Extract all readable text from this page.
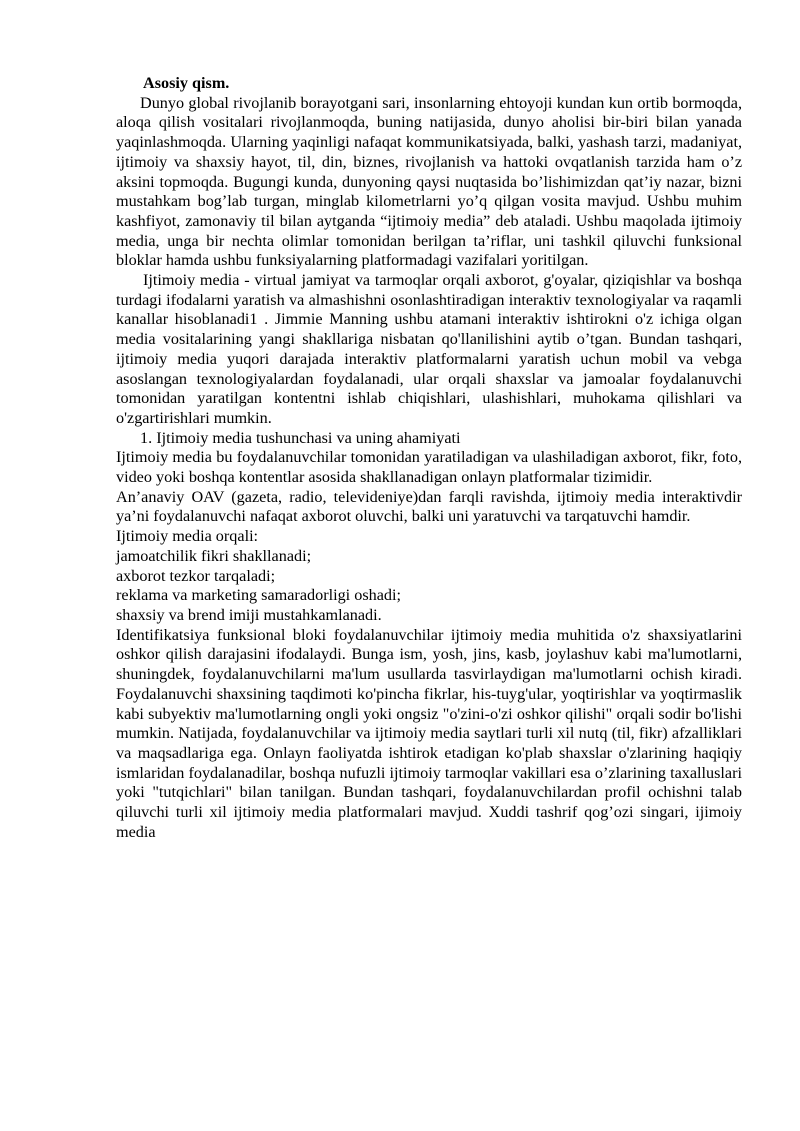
Asosiy qism.

Dunyo global rivojlanib borayotgani sari, insonlarning ehtoyoji kundan kun ortib bormoqda, aloqa qilish vositalari rivojlanmoqda, buning natijasida, dunyo aholisi bir-biri bilan yanada yaqinlashmoqda. Ularning yaqinligi nafaqat kommunikatsiyada, balki, yashash tarzi, madaniyat, ijtimoiy va shaxsiy hayot, til, din, biznes, rivojlanish va hattoki ovqatlanish tarzida ham o’z aksini topmoqda. Bugungi kunda, dunyoning qaysi nuqtasida bo’lishimizdan qat’iy nazar, bizni mustahkam bog’lab turgan, minglab kilometrlarni yo’q qilgan vosita mavjud. Ushbu muhim kashfiyot, zamonaviy til bilan aytganda “ijtimoiy media” deb ataladi. Ushbu maqolada ijtimoiy media, unga bir nechta olimlar tomonidan berilgan ta’riflar, uni tashkil qiluvchi funksional bloklar hamda ushbu funksiyalarning platformadagi vazifalari yoritilgan.

Ijtimoiy media - virtual jamiyat va tarmoqlar orqali axborot, g'oyalar, qiziqishlar va boshqa turdagi ifodalarni yaratish va almashishni osonlashtiradigan interaktiv texnologiyalar va raqamli kanallar hisoblanadi1 . Jimmie Manning ushbu atamani interaktiv ishtirokni o'z ichiga olgan media vositalarining yangi shakllariga nisbatan qo'llanilishini aytib o’tgan. Bundan tashqari, ijtimoiy media yuqori darajada interaktiv platformalarni yaratish uchun mobil va vebga asoslangan texnologiyalardan foydalanadi, ular orqali shaxslar va jamoalar foydalanuvchi tomonidan yaratilgan kontentni ishlab chiqishlari, ulashishlari, muhokama qilishlari va o'zgartirishlari mumkin.

1. Ijtimoiy media tushunchasi va uning ahamiyati

Ijtimoiy media bu foydalanuvchilar tomonidan yaratiladigan va ulashiladigan axborot, fikr, foto, video yoki boshqa kontentlar asosida shakllanadigan onlayn platformalar tizimidir.

An’anaviy OAV (gazeta, radio, televideniye)dan farqli ravishda, ijtimoiy media interaktivdir ya’ni foydalanuvchi nafaqat axborot oluvchi, balki uni yaratuvchi va tarqatuvchi hamdir.

Ijtimoiy media orqali:

jamoatchilik fikri shakllanadi;

axborot tezkor tarqaladi;

reklama va marketing samaradorligi oshadi;

shaxsiy va brend imiji mustahkamlanadi.

Identifikatsiya funksional bloki foydalanuvchilar ijtimoiy media muhitida o'z shaxsiyatlarini oshkor qilish darajasini ifodalaydi. Bunga ism, yosh, jins, kasb, joylashuv kabi ma'lumotlarni, shuningdek, foydalanuvchilarni ma'lum usullarda tasvirlaydigan ma'lumotlarni ochish kiradi. Foydalanuvchi shaxsining taqdimoti ko'pincha fikrlar, his-tuyg'ular, yoqtirishlar va yoqtirmaslik kabi subyektiv ma'lumotlarning ongli yoki ongsiz "o'zini-o'zi oshkor qilishi" orqali sodir bo'lishi mumkin. Natijada, foydalanuvchilar va ijtimoiy media saytlari turli xil nutq (til, fikr) afzalliklari va maqsadlariga ega. Onlayn faoliyatda ishtirok etadigan ko'plab shaxslar o'zlarining haqiqiy ismlaridan foydalanadilar, boshqa nufuzli ijtimoiy tarmoqlar vakillari esa o’zlarining taxalluslari yoki "tutqichlari" bilan tanilgan. Bundan tashqari, foydalanuvchilardan profil ochishni talab qiluvchi turli xil ijtimoiy media platformalari mavjud. Xuddi tashrif qog’ozi singari, ijimoiy media
